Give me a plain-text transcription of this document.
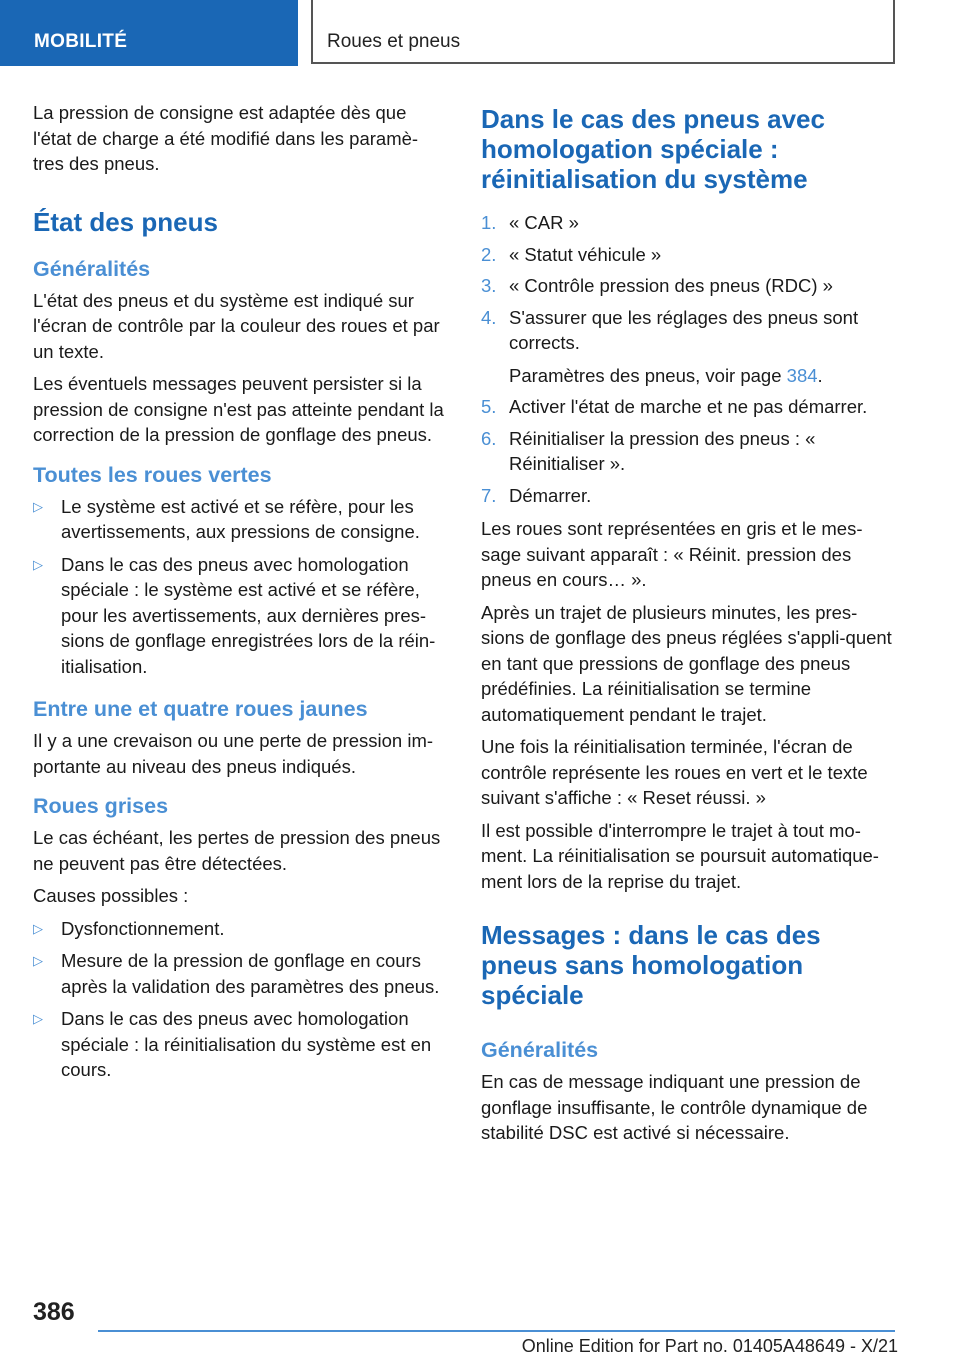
MOBILITÉ	Roues et pneus

La pression de consigne est adaptée dès que l'état de charge a été modifié dans les paramè-tres des pneus.

État des pneus
Généralités

L'état des pneus et du système est indiqué sur l'écran de contrôle par la couleur des roues et par un texte.

Les éventuels messages peuvent persister si la pression de consigne n'est pas atteinte pendant la correction de la pression de gonflage des pneus.

Toutes les roues vertes
▷ Le système est activé et se réfère, pour les avertissements, aux pressions de consigne.
▷ Dans le cas des pneus avec homologation spéciale : le système est activé et se réfère, pour les avertissements, aux dernières pres-sions de gonflage enregistrées lors de la réin-itialisation.
Entre une et quatre roues jaunes

Il y a une crevaison ou une perte de pression im-portante au niveau des pneus indiqués.

Roues grises

Le cas échéant, les pertes de pression des pneus ne peuvent pas être détectées.

Causes possibles :

▷ Dysfonctionnement.
▷ Mesure de la pression de gonflage en cours après la validation des paramètres des pneus.
▷ Dans le cas des pneus avec homologation spéciale : la réinitialisation du système est en cours.
Dans le cas des pneus avec homologation spéciale : réinitialisation du système
1. « CAR »
2. « Statut véhicule »
3. « Contrôle pression des pneus (RDC) »
4. S'assurer que les réglages des pneus sont corrects.
Paramètres des pneus, voir page 384.
5. Activer l'état de marche et ne pas démarrer.
6. Réinitialiser la pression des pneus : « Réinitialiser ».
7. Démarrer.

Les roues sont représentées en gris et le mes-sage suivant apparaît : « Réinit. pression des pneus en cours… ».

Après un trajet de plusieurs minutes, les pres-sions de gonflage des pneus réglées s'appli-quent en tant que pressions de gonflage des pneus prédéfinies. La réinitialisation se termine automatiquement pendant le trajet.

Une fois la réinitialisation terminée, l'écran de contrôle représente les roues en vert et le texte suivant s'affiche : « Reset réussi. »

Il est possible d'interrompre le trajet à tout mo-ment. La réinitialisation se poursuit automatique-ment lors de la reprise du trajet.

Messages : dans le cas des pneus sans homologation spéciale
Généralités

En cas de message indiquant une pression de gonflage insuffisante, le contrôle dynamique de stabilité DSC est activé si nécessaire.

386
Online Edition for Part no. 01405A48649 - X/21
